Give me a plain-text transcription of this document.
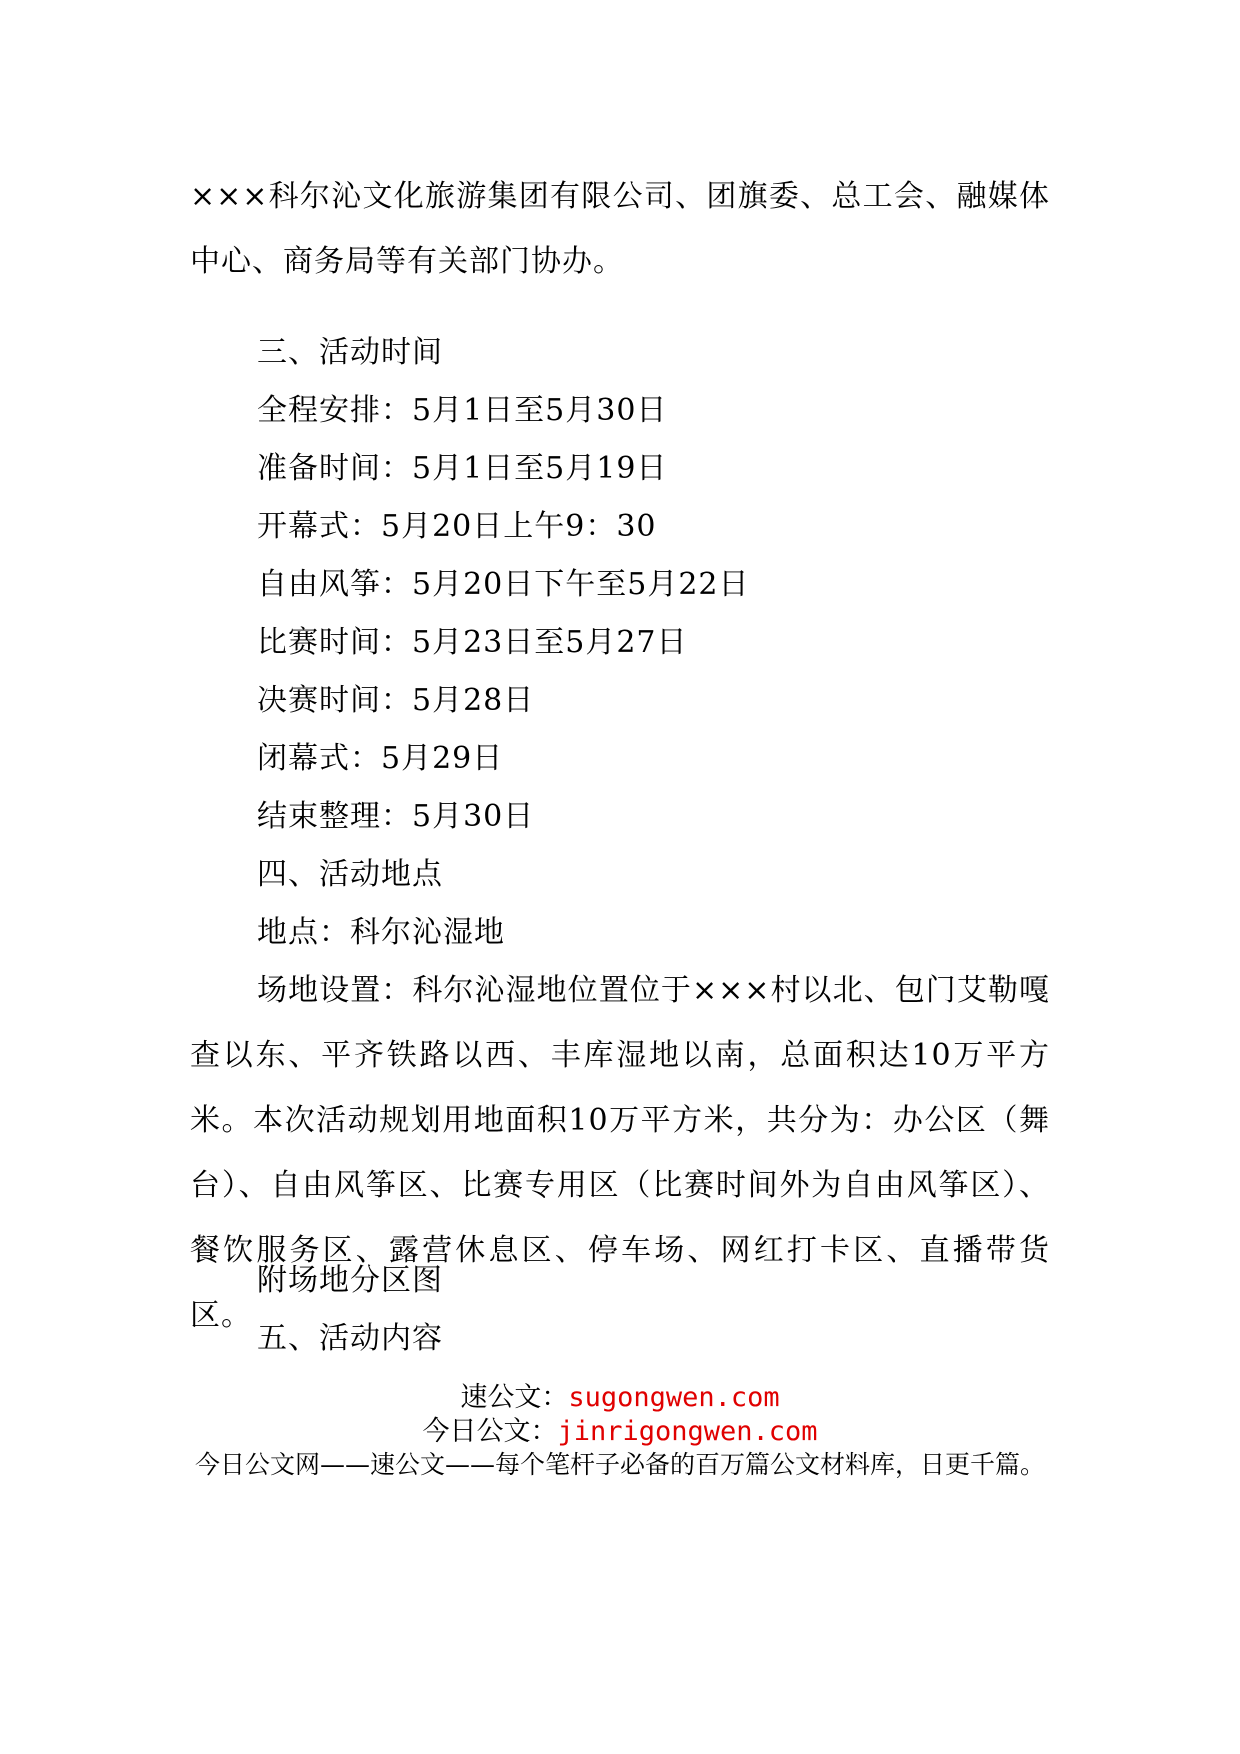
×××科尔沁文化旅游集团有限公司、团旗委、总工会、融媒体中心、商务局等有关部门协办。

三、活动时间

全程安排：5月1日至5月30日

准备时间：5月1日至5月19日

开幕式：5月20日上午9：30

自由风筝：5月20日下午至5月22日

比赛时间：5月23日至5月27日

决赛时间：5月28日

闭幕式：5月29日

结束整理：5月30日

四、活动地点

地点：科尔沁湿地

场地设置：科尔沁湿地位置位于×××村以北、包门艾勒嘎查以东、平齐铁路以西、丰库湿地以南，总面积达10万平方米。本次活动规划用地面积10万平方米，共分为：办公区（舞台）、自由风筝区、比赛专用区（比赛时间外为自由风筝区）、餐饮服务区、露营休息区、停车场、网红打卡区、直播带货区。

附场地分区图

五、活动内容

速公文：sugongwen.com
今日公文：jinrigongwen.com
今日公文网——速公文——每个笔杆子必备的百万篇公文材料库，日更千篇。
